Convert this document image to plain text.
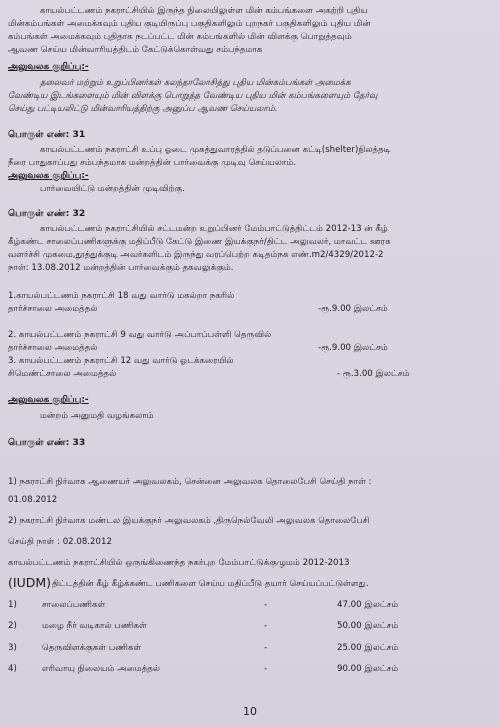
காயல்பட்டணம் நகராட்சியில் இருந்த நிலையிலுள்ள மின் கம்பங்களை அகற்றி புதிய
மின்கம்பங்கள் அமைக்கவும் புதிய குடியிருப்பு பகுதிகளிலும் புறநகர் பகுதிகளிலும் புதிய மின்
கம்பங்கள் அமைக்கவும் புதிதாக நடப்பட்ட மின் கம்பங்களில் மின் விளக்கு பொறுத்தவும்
ஆவண செய்ய மின்வாரியத்திடம் கேட்டுக்கொள்வது சம்பந்தமாக
அலுவலக குறிப்பு:-
தலைவர் மற்றும் உறுப்பினர்கள் கலந்தாலோசித்து புதிய மின்கம்பங்கள் அமைக்க
வேண்டிய இடங்களையும் மின் விளக்கு பொறுத்த வேண்டிய புதிய மின் கம்பங்களையும் தேர்வு
செய்து பட்டியலிட்டு மின்வாரியத்திற்கு அனுப்ப ஆவண செய்யலாம்.
பொருள் எண்: 31
காயல்பட்டணம் நகராட்சி உப்பு ஓடை முகத்துவாரத்தில் தடுப்பனை கட்டி(shelter)நிலத்தடி
நீரை பாதுகாப்பது சம்பந்தமாக மன்றத்தின் பார்வைக்கு முடிவு செய்யலாம்.
அலுவலக குறிப்பு:-
பார்வையிட்டு மன்றத்தின் முடிவிற்கு.
பொருள் எண்: 32
காயல்பட்டணம் நகராட்சியில் சட்டமன்ற உறுப்பினர் மேம்பாட்டுத்திட்டம் 2012-13 ன் கீழ்
கீழ்கண்ட சாலைப்பணிகளுக்கு மதிப்பீடு கேட்டு இணை இயக்குநர்/திட்ட அலுவலர், மாவட்ட ஊரக
வளர்ச்சி முகமை,தூத்துக்குடி அவர்களிடம் இருந்து வரப்பெற்ற கடிதம்நக எண்.m2/4329/2012-2
நாள்: 13.08.2012 மன்றத்தின் பார்வைக்கும் தகவலுக்கும்.
1.காயல்பட்டணம் நகராட்சி 18 வது வார்டு மகல்றா நகரில்
தார்ச்சாலை அமைத்தல்	-ரூ.9.00 இலட்சம்
2. காயல்பட்டணம் நகராட்சி 9 வது வார்டு அப்பாப்பள்ளி தெருவில்
தார்ச்சாலை அமைத்தல்	-ரூ.9.00 இலட்சம்
3. காயல்பட்டணம் நகராட்சி 12 வது வார்டு ஓடக்கரையில்
சிமெண்ட்சாலை அமைத்தல்	- ரூ.3.00 இலட்சம்
அலுவலக குறிப்பு:-
மன்றம் அனுமதி வழங்கலாம்
பொருள் எண்: 33
1) நகராட்சி நிர்வாக ஆணையர் அலுவலகம், சென்னை அலுவலக தொலைபேசி செய்தி நாள் :
01.08.2012
2) நகராட்சி நிர்வாக மண்டல இயக்குநர் அலுவலகம் ,திருநெல்வேலி அலுவலக தொலைபேசி
செய்தி நாள் : 02.08.2012
காயல்பட்டணம் நகராட்சியில் ஒருங்கிணைந்த நகர்புற மேம்பாட்டுக்குழுமம் 2012-2013
(IUDM) திட்டத்தின் கீழ் கீழ்க்கண்ட பணிகளை செய்ய மதிப்பீடு தயார் செய்யப்பட்டுள்ளது.
1)	சாலைப்பணிகள்	-	47.00 இலட்சம்
2)	மழை நீர் வடிகால் பணிகள்	-	50.00 இலட்சம்
3)	தெருவிளக்குகள் பணிகள்	-	25.00 இலட்சம்
4)	எரிவாயு நிலையம் அமைத்தல்	-	90.00 இலட்சம்
10
